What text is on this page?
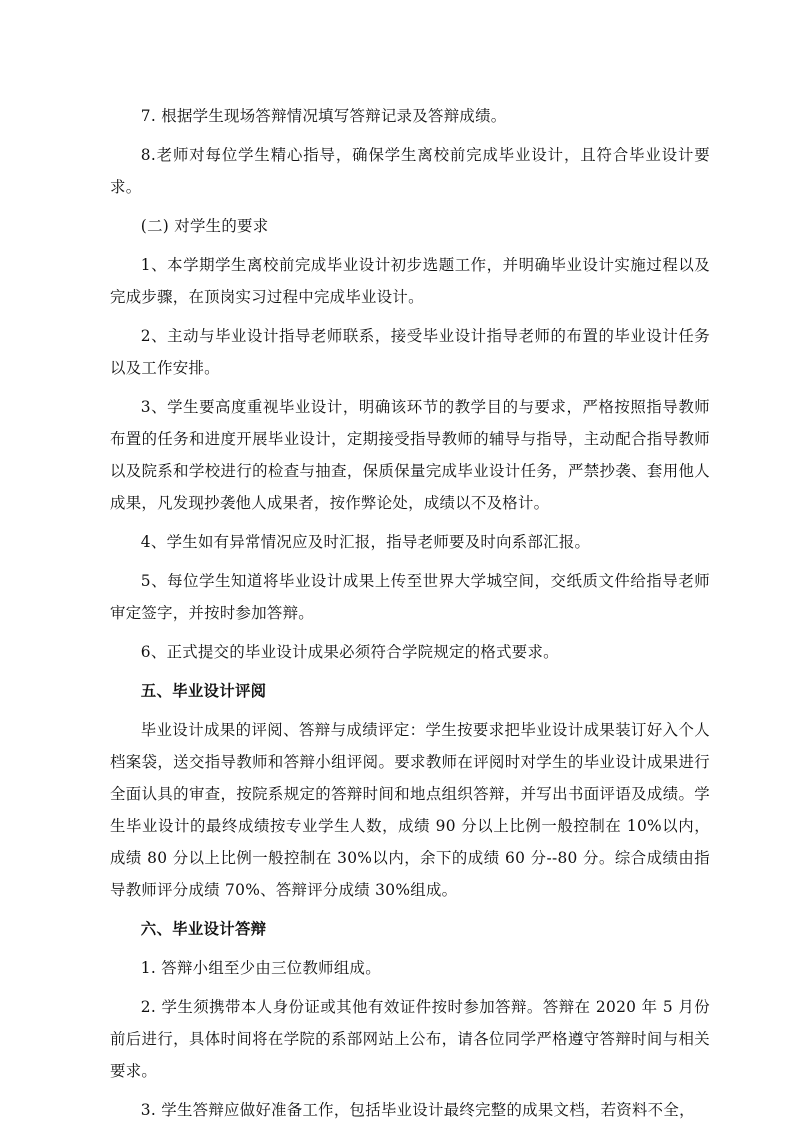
7. 根据学生现场答辩情况填写答辩记录及答辩成绩。

8.老师对每位学生精心指导，确保学生离校前完成毕业设计，且符合毕业设计要求。

(二) 对学生的要求

1、本学期学生离校前完成毕业设计初步选题工作，并明确毕业设计实施过程以及完成步骤，在顶岗实习过程中完成毕业设计。

2、主动与毕业设计指导老师联系，接受毕业设计指导老师的布置的毕业设计任务以及工作安排。

3、学生要高度重视毕业设计，明确该环节的教学目的与要求，严格按照指导教师布置的任务和进度开展毕业设计，定期接受指导教师的辅导与指导，主动配合指导教师以及院系和学校进行的检查与抽查，保质保量完成毕业设计任务，严禁抄袭、套用他人成果，凡发现抄袭他人成果者，按作弊论处，成绩以不及格计。

4、学生如有异常情况应及时汇报，指导老师要及时向系部汇报。

5、每位学生知道将毕业设计成果上传至世界大学城空间，交纸质文件给指导老师审定签字，并按时参加答辩。

6、正式提交的毕业设计成果必须符合学院规定的格式要求。

五、毕业设计评阅

毕业设计成果的评阅、答辩与成绩评定：学生按要求把毕业设计成果装订好入个人档案袋，送交指导教师和答辩小组评阅。要求教师在评阅时对学生的毕业设计成果进行全面认具的审查，按院系规定的答辩时间和地点组织答辩，并写出书面评语及成绩。学生毕业设计的最终成绩按专业学生人数，成绩 90 分以上比例一般控制在 10%以内，成绩 80 分以上比例一般控制在 30%以内，余下的成绩 60 分--80 分。综合成绩由指导教师评分成绩 70%、答辩评分成绩 30%组成。

六、毕业设计答辩

1. 答辩小组至少由三位教师组成。

2. 学生须携带本人身份证或其他有效证件按时参加答辩。答辩在 2020 年 5 月份前后进行，具体时间将在学院的系部网站上公布，请各位同学严格遵守答辩时间与相关要求。

3. 学生答辩应做好准备工作，包括毕业设计最终完整的成果文档，若资料不全，
